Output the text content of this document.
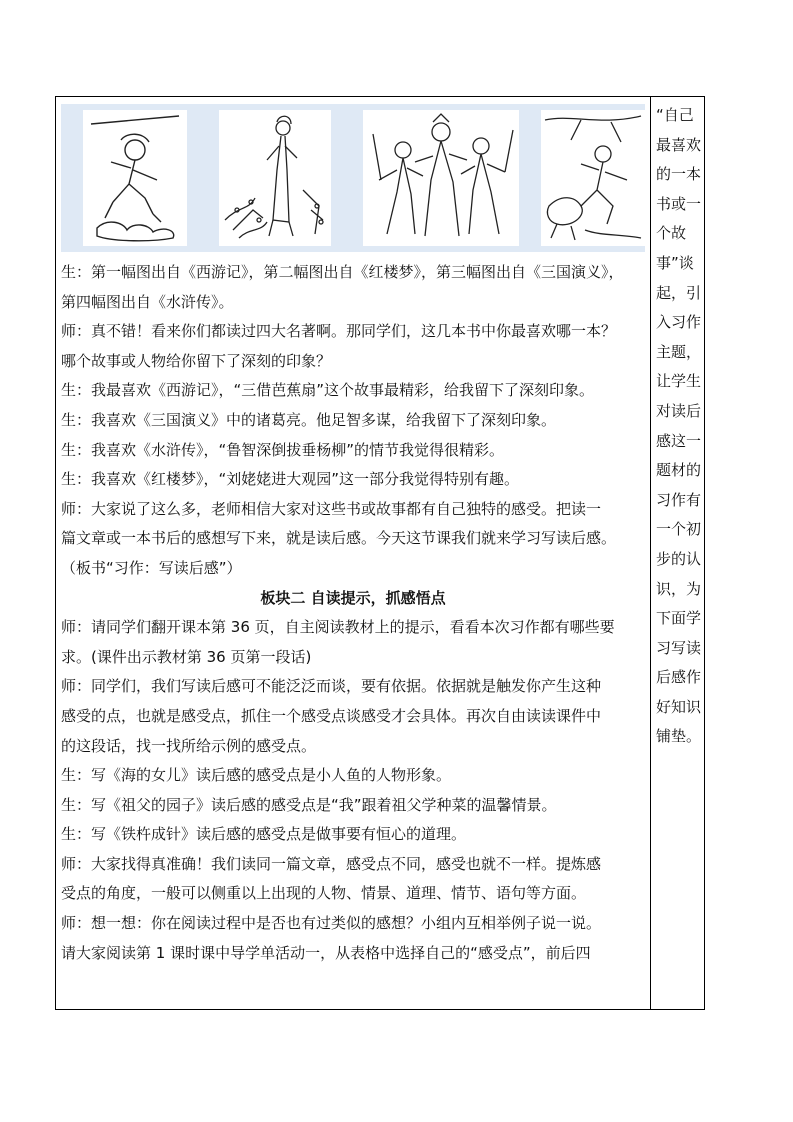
生：第一幅图出自《西游记》，第二幅图出自《红楼梦》，第三幅图出自《三国演义》，

第四幅图出自《水浒传》。

师：真不错！看来你们都读过四大名著啊。那同学们，这几本书中你最喜欢哪一本？

哪个故事或人物给你留下了深刻的印象？

生：我最喜欢《西游记》，“三借芭蕉扇”这个故事最精彩，给我留下了深刻印象。

生：我喜欢《三国演义》中的诸葛亮。他足智多谋，给我留下了深刻印象。

生：我喜欢《水浒传》，“鲁智深倒拔垂杨柳”的情节我觉得很精彩。

生：我喜欢《红楼梦》，“刘姥姥进大观园”这一部分我觉得特别有趣。

师：大家说了这么多，老师相信大家对这些书或故事都有自己独特的感受。把读一

篇文章或一本书后的感想写下来，就是读后感。今天这节课我们就来学习写读后感。

（板书“习作：写读后感”）

板块二 自读提示，抓感悟点

师：请同学们翻开课本第 36 页，自主阅读教材上的提示，看看本次习作都有哪些要

求。(课件出示教材第 36 页第一段话)

师：同学们，我们写读后感可不能泛泛而谈，要有依据。依据就是触发你产生这种

感受的点，也就是感受点，抓住一个感受点谈感受才会具体。再次自由读读课件中

的这段话，找一找所给示例的感受点。

生：写《海的女儿》读后感的感受点是小人鱼的人物形象。

生：写《祖父的园子》读后感的感受点是“我”跟着祖父学种菜的温馨情景。

生：写《铁杵成针》读后感的感受点是做事要有恒心的道理。

师：大家找得真准确！我们读同一篇文章，感受点不同，感受也就不一样。提炼感

受点的角度，一般可以侧重以上出现的人物、情景、道理、情节、语句等方面。

师：想一想：你在阅读过程中是否也有过类似的感想？小组内互相举例子说一说。

请大家阅读第 1 课时课中导学单活动一，从表格中选择自己的“感受点”，前后四

“自己最喜欢的一本书或一个故事”谈起，引入习作主题，让学生对读后感这一题材的习作有一个初步的认识，为下面学习写读后感作好知识铺垫。
